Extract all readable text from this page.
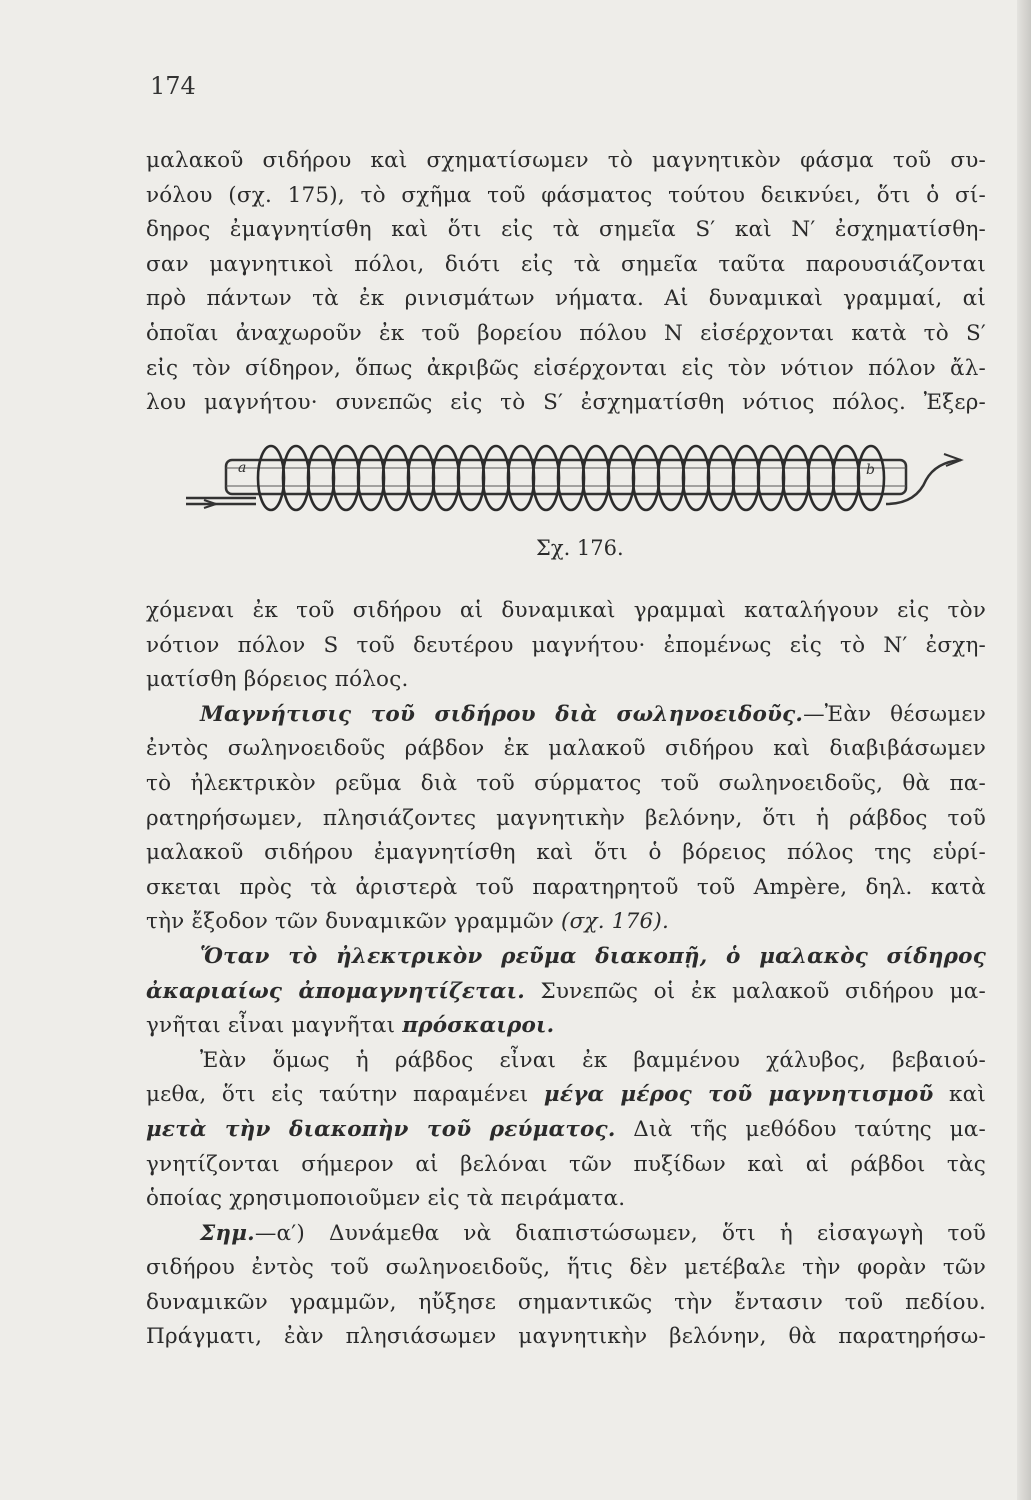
174
μαλακοῦ σιδήρου καὶ σχηματίσωμεν τὸ μαγνητικὸν φάσμα τοῦ συ-
νόλου (σχ. 175), τὸ σχῆμα τοῦ φάσματος τούτου δεικνύει, ὅτι ὁ σί-
δηρος ἐμαγνητίσθη καὶ ὅτι εἰς τὰ σημεῖα S′ καὶ N′ ἐσχηματίσθη-
σαν μαγνητικοὶ πόλοι, διότι εἰς τὰ σημεῖα ταῦτα παρουσιάζονται
πρὸ πάντων τὰ ἐκ ρινισμάτων νήματα. Αἱ δυναμικαὶ γραμμαί, αἱ
ὁποῖαι ἀναχωροῦν ἐκ τοῦ βορείου πόλου N εἰσέρχονται κατὰ τὸ S′
εἰς τὸν σίδηρον, ὅπως ἀκριβῶς εἰσέρχονται εἰς τὸν νότιον πόλον ἄλ-
λου μαγνήτου· συνεπῶς εἰς τὸ S′ ἐσχηματίσθη νότιος πόλος. Ἐξερ-
a	b
Σχ. 176.
χόμεναι ἐκ τοῦ σιδήρου αἱ δυναμικαὶ γραμμαὶ καταλήγουν εἰς τὸν
νότιον πόλον S τοῦ δευτέρου μαγνήτου· ἐπομένως εἰς τὸ N′ ἐσχη-
ματίσθη βόρειος πόλος.
Μαγνήτισις τοῦ σιδήρου διὰ σωληνοειδοῦς.—Ἐὰν θέσωμεν
ἐντὸς σωληνοειδοῦς ράβδον ἐκ μαλακοῦ σιδήρου καὶ διαβιβάσωμεν
τὸ ἠλεκτρικὸν ρεῦμα διὰ τοῦ σύρματος τοῦ σωληνοειδοῦς, θὰ πα-
ρατηρήσωμεν, πλησιάζοντες μαγνητικὴν βελόνην, ὅτι ἡ ράβδος τοῦ
μαλακοῦ σιδήρου ἐμαγνητίσθη καὶ ὅτι ὁ βόρειος πόλος της εὑρί-
σκεται πρὸς τὰ ἀριστερὰ τοῦ παρατηρητοῦ τοῦ Ampère, δηλ. κατὰ
τὴν ἔξοδον τῶν δυναμικῶν γραμμῶν (σχ. 176).
Ὅταν τὸ ἠλεκτρικὸν ρεῦμα διακοπῇ, ὁ μαλακὸς σίδηρος
ἀκαριαίως ἀπομαγνητίζεται. Συνεπῶς οἱ ἐκ μαλακοῦ σιδήρου μα-
γνῆται εἶναι μαγνῆται πρόσκαιροι.
Ἐὰν ὅμως ἡ ράβδος εἶναι ἐκ βαμμένου χάλυβος, βεβαιού-
μεθα, ὅτι εἰς ταύτην παραμένει μέγα μέρος τοῦ μαγνητισμοῦ καὶ
μετὰ τὴν διακοπὴν τοῦ ρεύματος. Διὰ τῆς μεθόδου ταύτης μα-
γνητίζονται σήμερον αἱ βελόναι τῶν πυξίδων καὶ αἱ ράβδοι τὰς
ὁποίας χρησιμοποιοῦμεν εἰς τὰ πειράματα.
Σημ.—α′) Δυνάμεθα νὰ διαπιστώσωμεν, ὅτι ἡ εἰσαγωγὴ τοῦ
σιδήρου ἐντὸς τοῦ σωληνοειδοῦς, ἥτις δὲν μετέβαλε τὴν φορὰν τῶν
δυναμικῶν γραμμῶν, ηὔξησε σημαντικῶς τὴν ἔντασιν τοῦ πεδίου.
Πράγματι, ἐὰν πλησιάσωμεν μαγνητικὴν βελόνην, θὰ παρατηρήσω-
